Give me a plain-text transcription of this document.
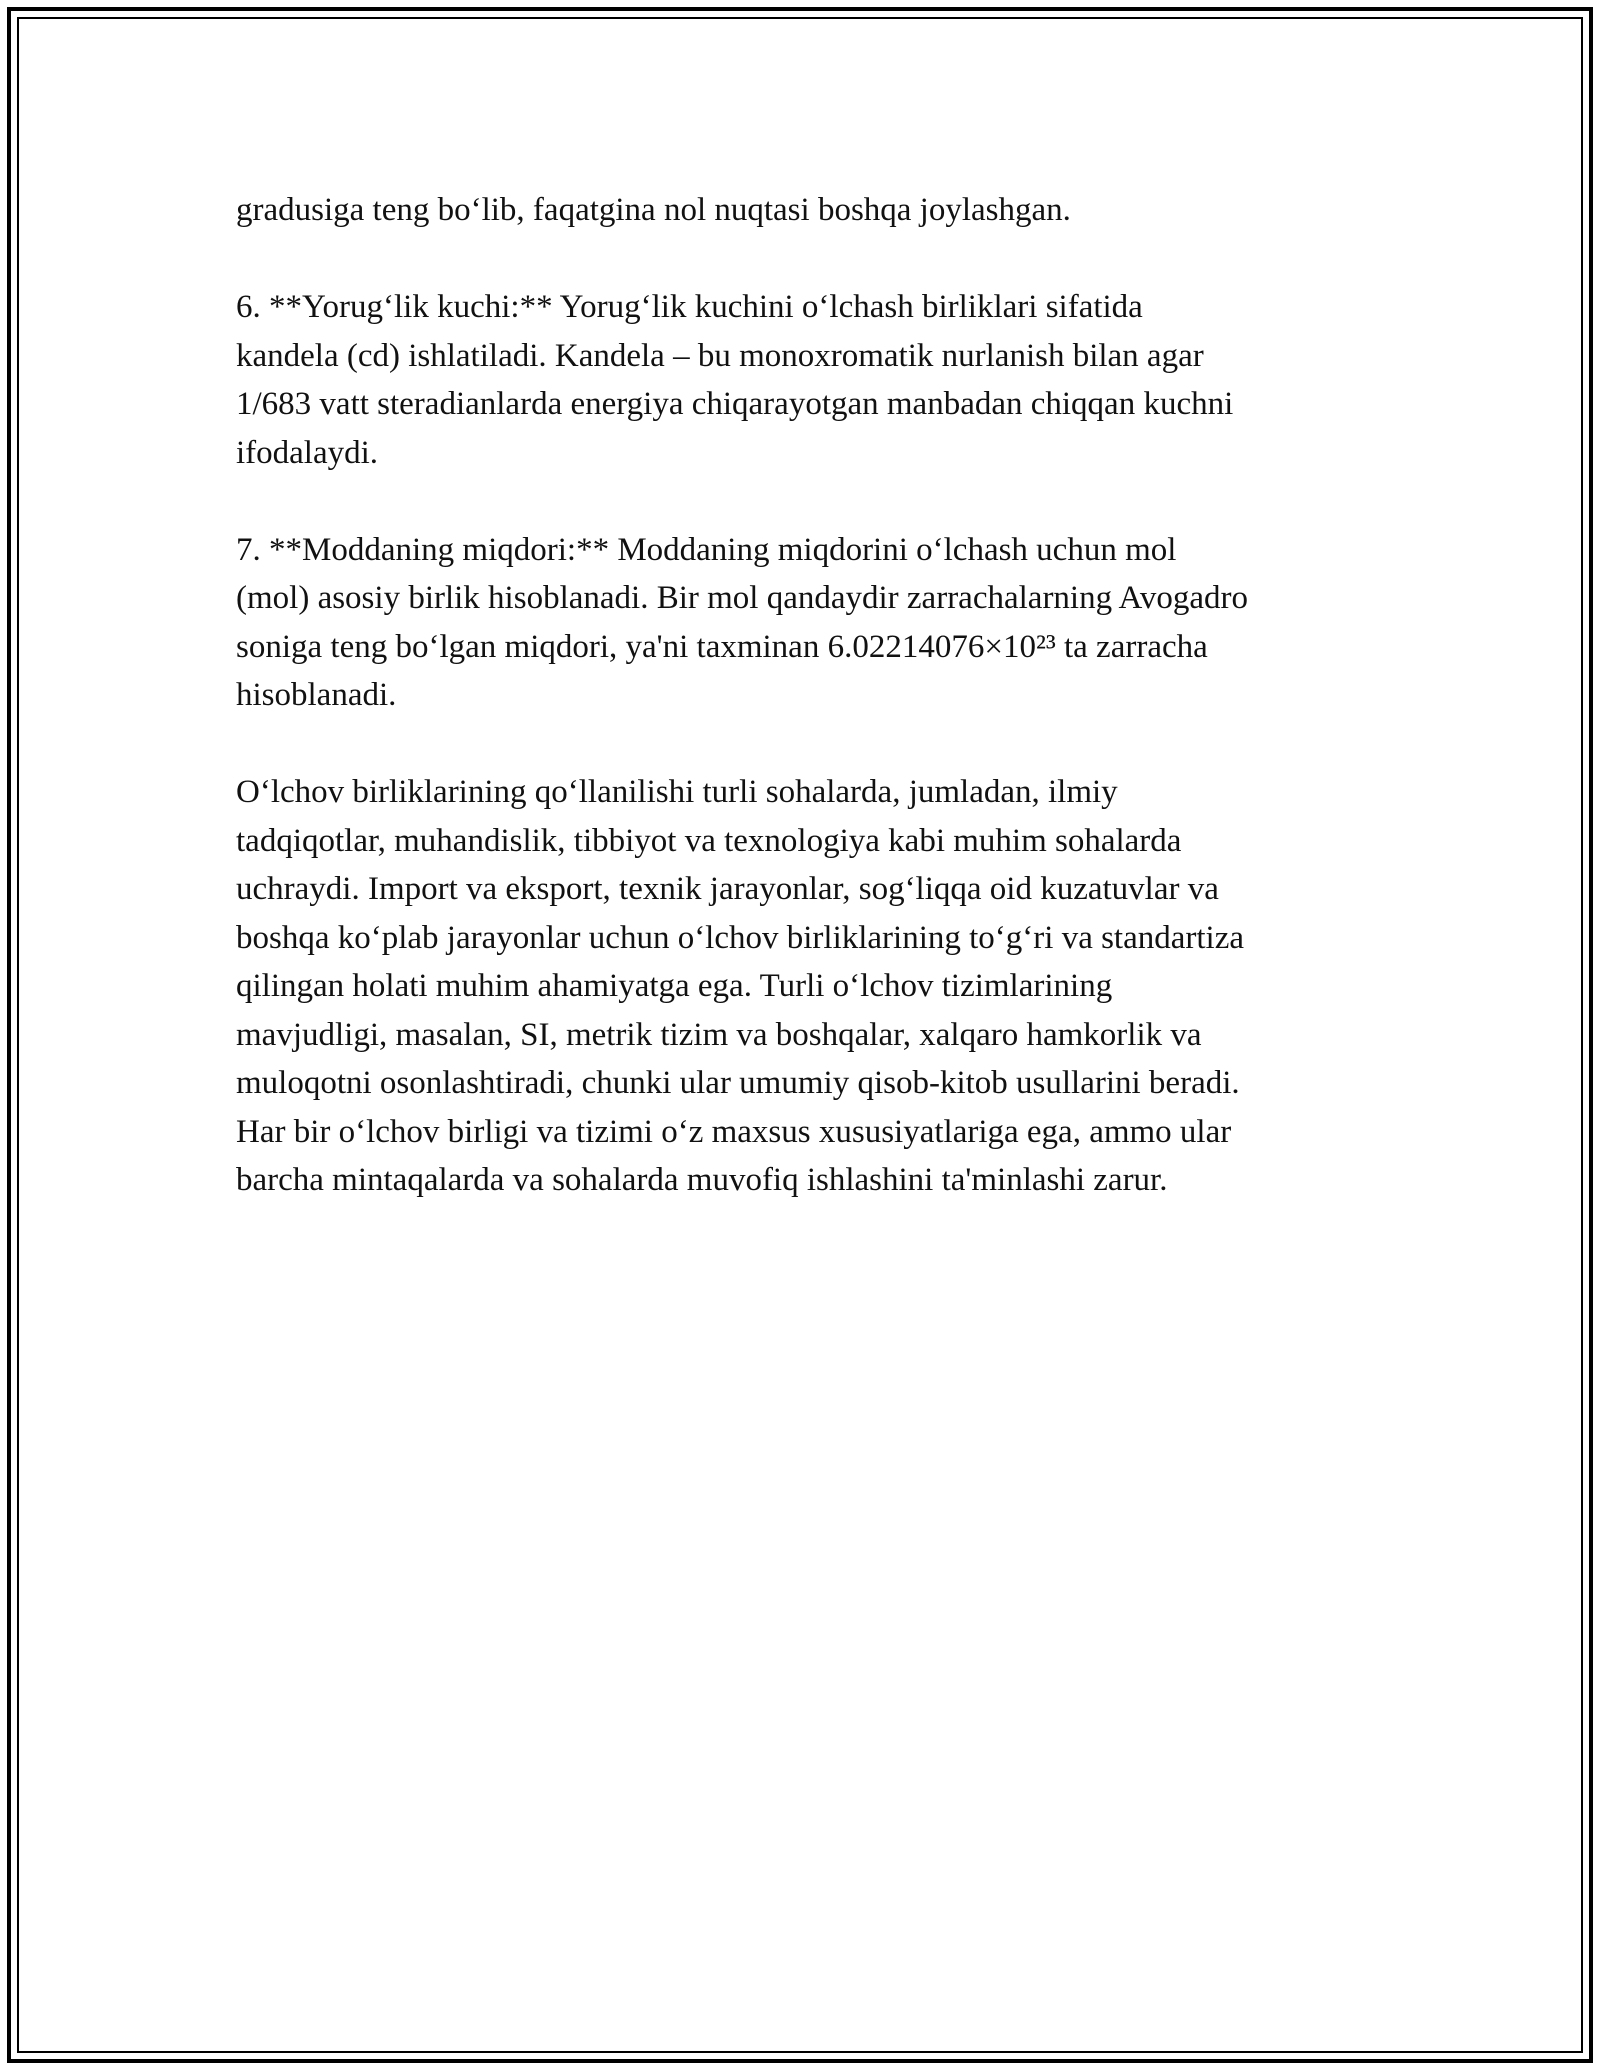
gradusiga teng bo‘lib, faqatgina nol nuqtasi boshqa joylashgan.

6. **Yorug‘lik kuchi:** Yorug‘lik kuchini o‘lchash birliklari sifatida
kandela (cd) ishlatiladi. Kandela – bu monoxromatik nurlanish bilan agar
1/683 vatt steradianlarda energiya chiqarayotgan manbadan chiqqan kuchni
ifodalaydi.

7. **Moddaning miqdori:** Moddaning miqdorini o‘lchash uchun mol
(mol) asosiy birlik hisoblanadi. Bir mol qandaydir zarrachalarning Avogadro
soniga teng bo‘lgan miqdori, ya'ni taxminan 6.02214076×10²³ ta zarracha
hisoblanadi.

O‘lchov birliklarining qo‘llanilishi turli sohalarda, jumladan, ilmiy
tadqiqotlar, muhandislik, tibbiyot va texnologiya kabi muhim sohalarda
uchraydi. Import va eksport, texnik jarayonlar, sog‘liqqa oid kuzatuvlar va
boshqa ko‘plab jarayonlar uchun o‘lchov birliklarining to‘g‘ri va standartiza
qilingan holati muhim ahamiyatga ega. Turli o‘lchov tizimlarining
mavjudligi, masalan, SI, metrik tizim va boshqalar, xalqaro hamkorlik va
muloqotni osonlashtiradi, chunki ular umumiy qisob-kitob usullarini beradi.
Har bir o‘lchov birligi va tizimi o‘z maxsus xususiyatlariga ega, ammo ular
barcha mintaqalarda va sohalarda muvofiq ishlashini ta'minlashi zarur.
